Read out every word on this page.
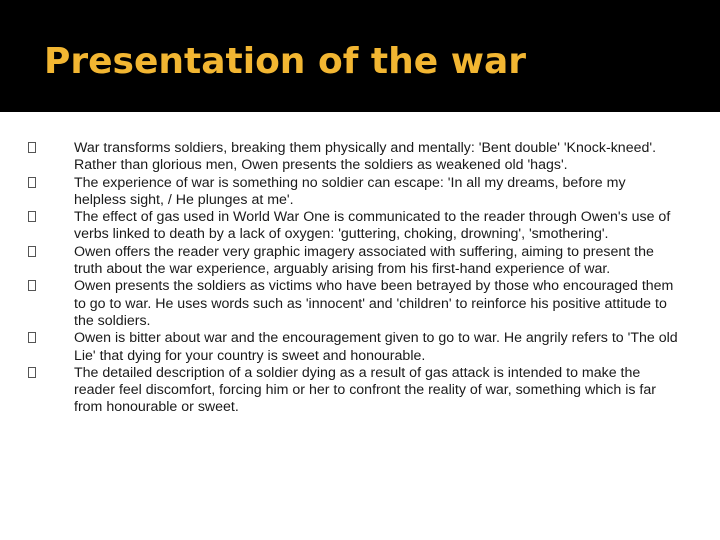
Presentation of the war
War transforms soldiers, breaking them physically and mentally: 'Bent double' 'Knock-kneed'. Rather than glorious men, Owen presents the soldiers as weakened old 'hags'.
The experience of war is something no soldier can escape: 'In all my dreams, before my helpless sight, / He plunges at me'.
The effect of gas used in World War One is communicated to the reader through Owen's use of verbs linked to death by a lack of oxygen: 'guttering, choking, drowning', 'smothering'.
Owen offers the reader very graphic imagery associated with suffering, aiming to present the truth about the war experience, arguably arising from his first-hand experience of war.
Owen presents the soldiers as victims who have been betrayed by those who encouraged them to go to war. He uses words such as 'innocent' and 'children' to reinforce his positive attitude to the soldiers.
Owen is bitter about war and the encouragement given to go to war. He angrily refers to 'The old Lie' that dying for your country is sweet and honourable.
The detailed description of a soldier dying as a result of gas attack is intended to make the reader feel discomfort, forcing him or her to confront the reality of war, something which is far from honourable or sweet.
